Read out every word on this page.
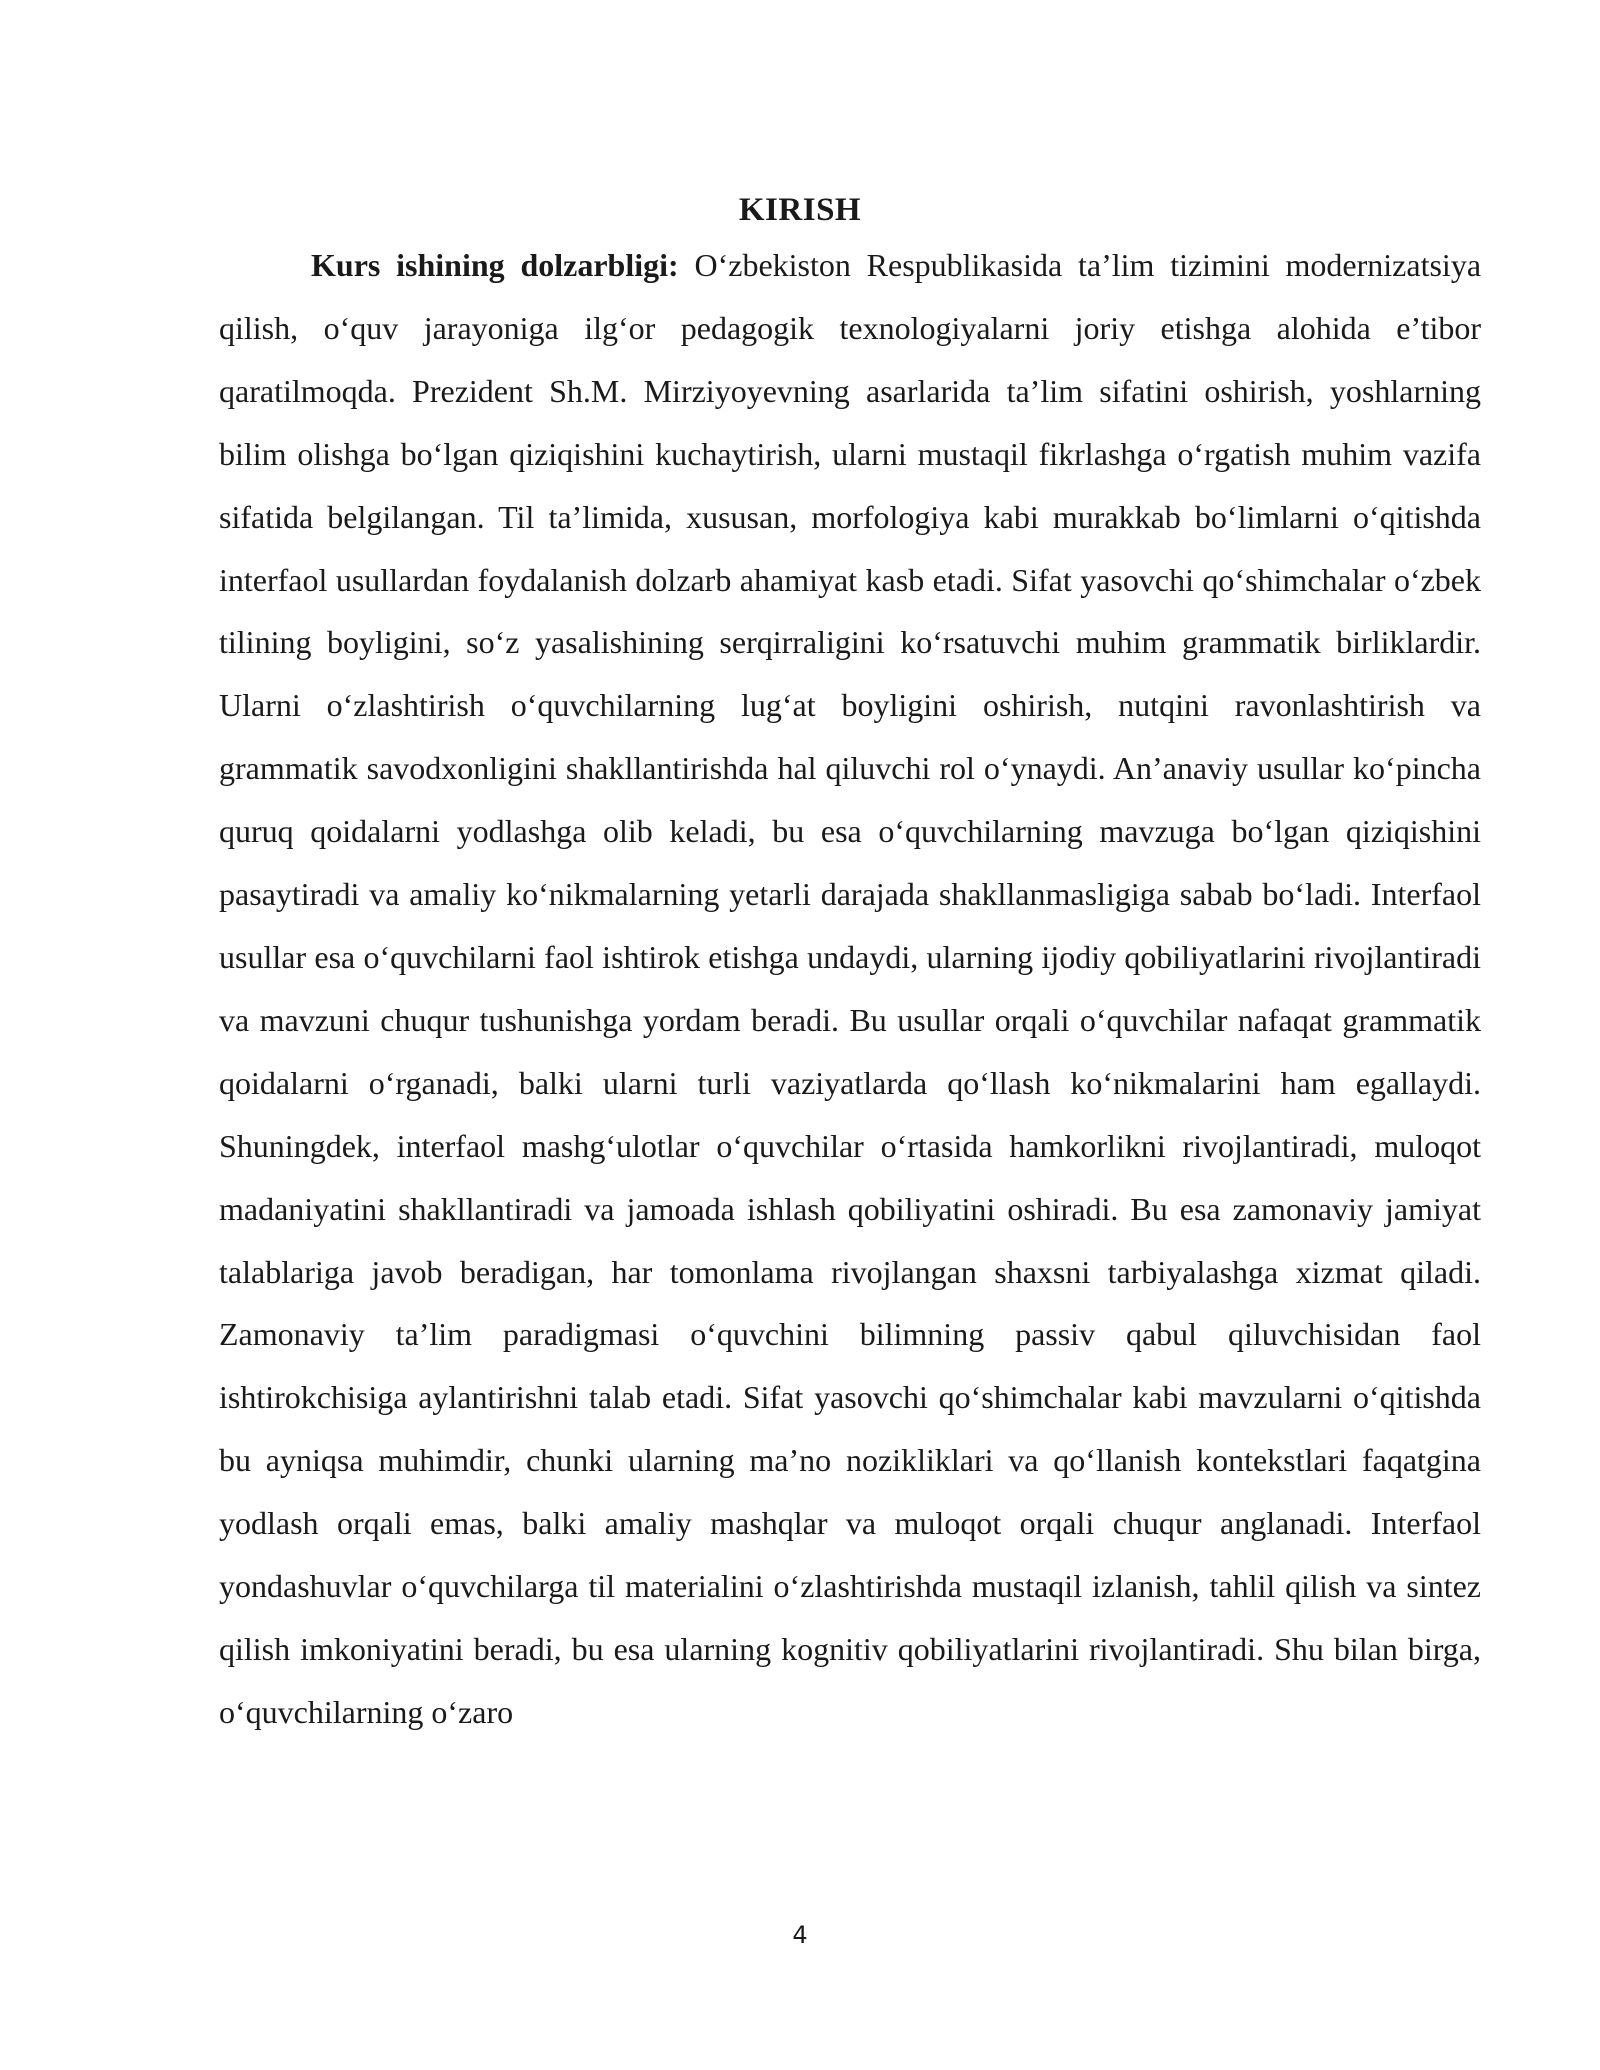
KIRISH

Kurs ishining dolzarbligi: O‘zbekiston Respublikasida ta’lim tizimini modernizatsiya qilish, o‘quv jarayoniga ilg‘or pedagogik texnologiyalarni joriy etishga alohida e’tibor qaratilmoqda. Prezident Sh.M. Mirziyoyevning asarlarida ta’lim sifatini oshirish, yoshlarning bilim olishga bo‘lgan qiziqishini kuchaytirish, ularni mustaqil fikrlashga o‘rgatish muhim vazifa sifatida belgilangan. Til ta’limida, xususan, morfologiya kabi murakkab bo‘limlarni o‘qitishda interfaol usullardan foydalanish dolzarb ahamiyat kasb etadi. Sifat yasovchi qo‘shimchalar o‘zbek tilining boyligini, so‘z yasalishining serqirraligini ko‘rsatuvchi muhim grammatik birliklardir. Ularni o‘zlashtirish o‘quvchilarning lug‘at boyligini oshirish, nutqini ravonlashtirish va grammatik savodxonligini shakllantirishda hal qiluvchi rol o‘ynaydi. An’anaviy usullar ko‘pincha quruq qoidalarni yodlashga olib keladi, bu esa o‘quvchilarning mavzuga bo‘lgan qiziqishini pasaytiradi va amaliy ko‘nikmalarning yetarli darajada shakllanmasligiga sabab bo‘ladi. Interfaol usullar esa o‘quvchilarni faol ishtirok etishga undaydi, ularning ijodiy qobiliyatlarini rivojlantiradi va mavzuni chuqur tushunishga yordam beradi. Bu usullar orqali o‘quvchilar nafaqat grammatik qoidalarni o‘rganadi, balki ularni turli vaziyatlarda qo‘llash ko‘nikmalarini ham egallaydi. Shuningdek, interfaol mashg‘ulotlar o‘quvchilar o‘rtasida hamkorlikni rivojlantiradi, muloqot madaniyatini shakllantiradi va jamoada ishlash qobiliyatini oshiradi. Bu esa zamonaviy jamiyat talablariga javob beradigan, har tomonlama rivojlangan shaxsni tarbiyalashga xizmat qiladi. Zamonaviy ta’lim paradigmasi o‘quvchini bilimning passiv qabul qiluvchisidan faol ishtirokchisiga aylantirishni talab etadi. Sifat yasovchi qo‘shimchalar kabi mavzularni o‘qitishda bu ayniqsa muhimdir, chunki ularning ma’no nozikliklari va qo‘llanish kontekstlari faqatgina yodlash orqali emas, balki amaliy mashqlar va muloqot orqali chuqur anglanadi. Interfaol yondashuvlar o‘quvchilarga til materialini o‘zlashtirishda mustaqil izlanish, tahlil qilish va sintez qilish imkoniyatini beradi, bu esa ularning kognitiv qobiliyatlarini rivojlantiradi. Shu bilan birga, o‘quvchilarning o‘zaro

4
